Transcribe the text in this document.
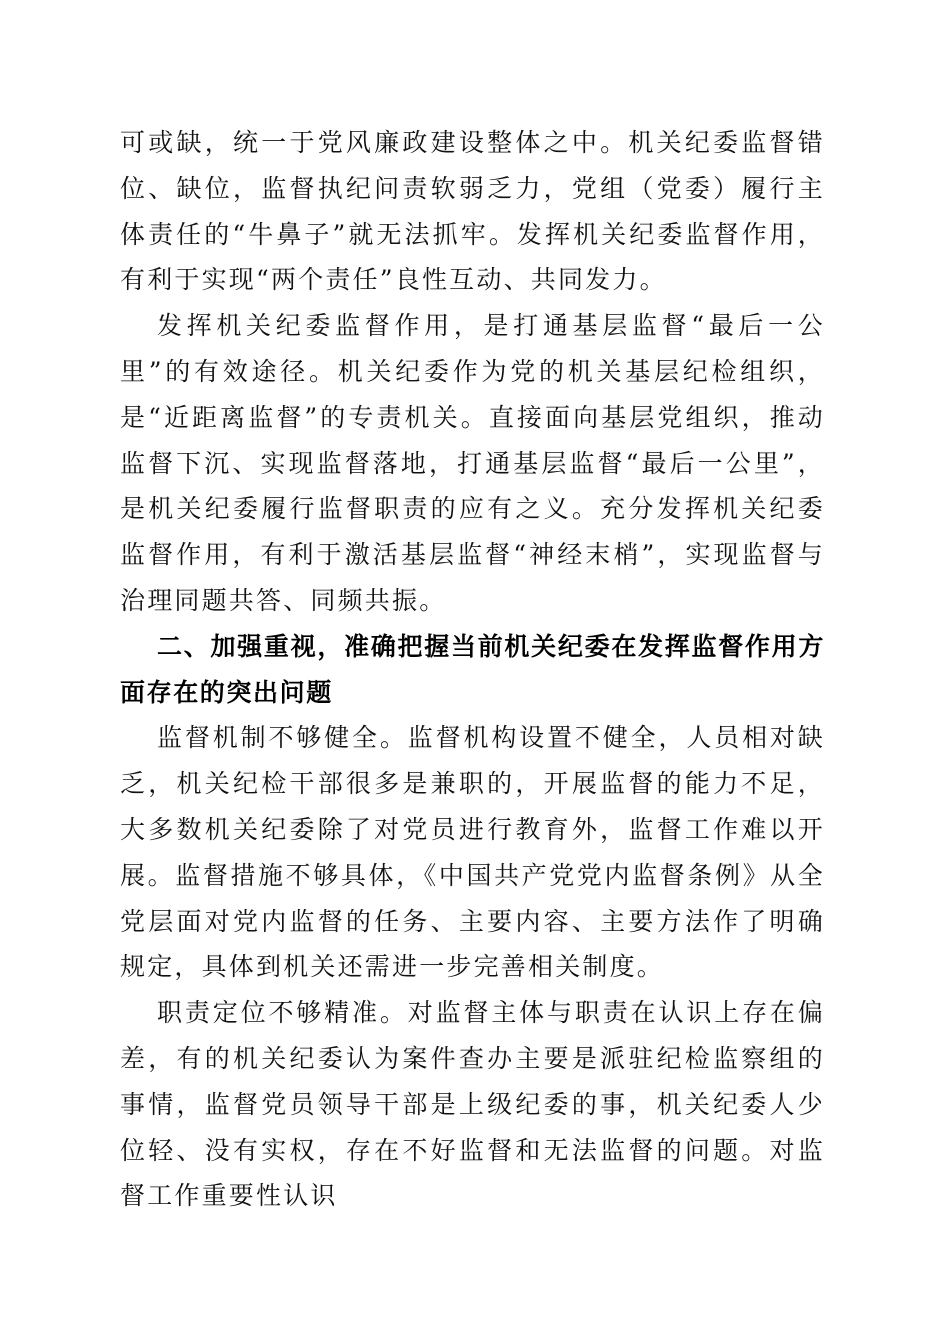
可或缺，统一于党风廉政建设整体之中。机关纪委监督错位、缺位，监督执纪问责软弱乏力，党组（党委）履行主体责任的“牛鼻子”就无法抓牢。发挥机关纪委监督作用，有利于实现“两个责任”良性互动、共同发力。

发挥机关纪委监督作用，是打通基层监督“最后一公里”的有效途径。机关纪委作为党的机关基层纪检组织，是“近距离监督”的专责机关。直接面向基层党组织，推动监督下沉、实现监督落地，打通基层监督“最后一公里”，是机关纪委履行监督职责的应有之义。充分发挥机关纪委监督作用，有利于激活基层监督“神经末梢”，实现监督与治理同题共答、同频共振。

二、加强重视，准确把握当前机关纪委在发挥监督作用方面存在的突出问题

监督机制不够健全。监督机构设置不健全，人员相对缺乏，机关纪检干部很多是兼职的，开展监督的能力不足，大多数机关纪委除了对党员进行教育外，监督工作难以开展。监督措施不够具体，《中国共产党党内监督条例》从全党层面对党内监督的任务、主要内容、主要方法作了明确规定，具体到机关还需进一步完善相关制度。

职责定位不够精准。对监督主体与职责在认识上存在偏差，有的机关纪委认为案件查办主要是派驻纪检监察组的事情，监督党员领导干部是上级纪委的事，机关纪委人少位轻、没有实权，存在不好监督和无法监督的问题。对监督工作重要性认识
